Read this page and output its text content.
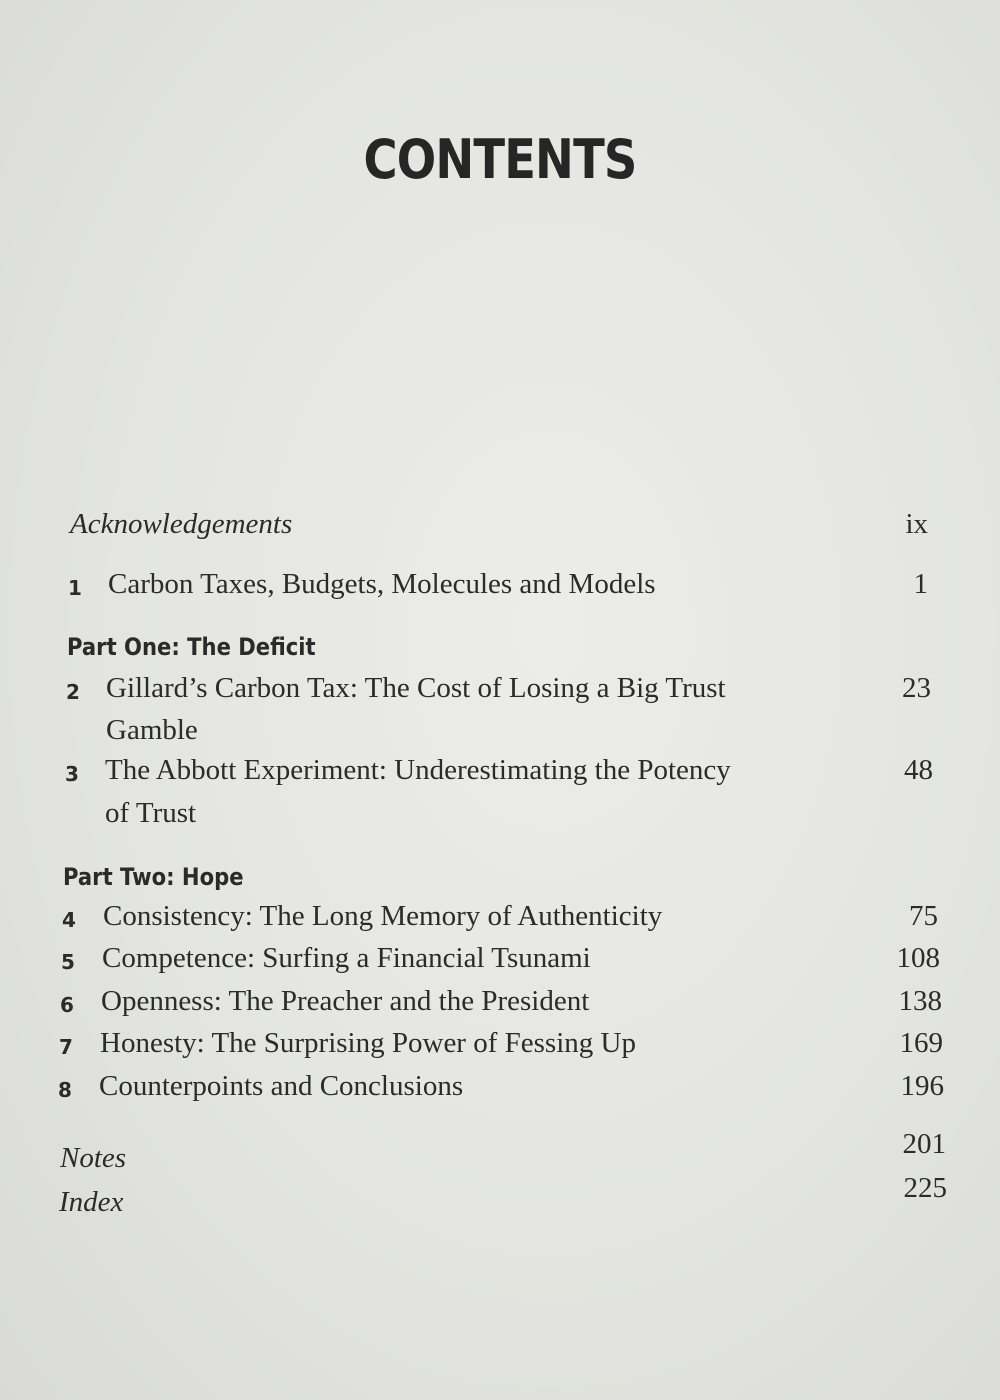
CONTENTS
Acknowledgements	ix
1 Carbon Taxes, Budgets, Molecules and Models	1
Part One: The Deficit
2 Gillard’s Carbon Tax: The Cost of Losing a Big Trust	23
Gamble
3 The Abbott Experiment: Underestimating the Potency	48
of Trust
Part Two: Hope
4 Consistency: The Long Memory of Authenticity	75
5 Competence: Surfing a Financial Tsunami	108
6 Openness: The Preacher and the President	138
7 Honesty: The Surprising Power of Fessing Up	169
8 Counterpoints and Conclusions	196
Notes	201
Index	225
